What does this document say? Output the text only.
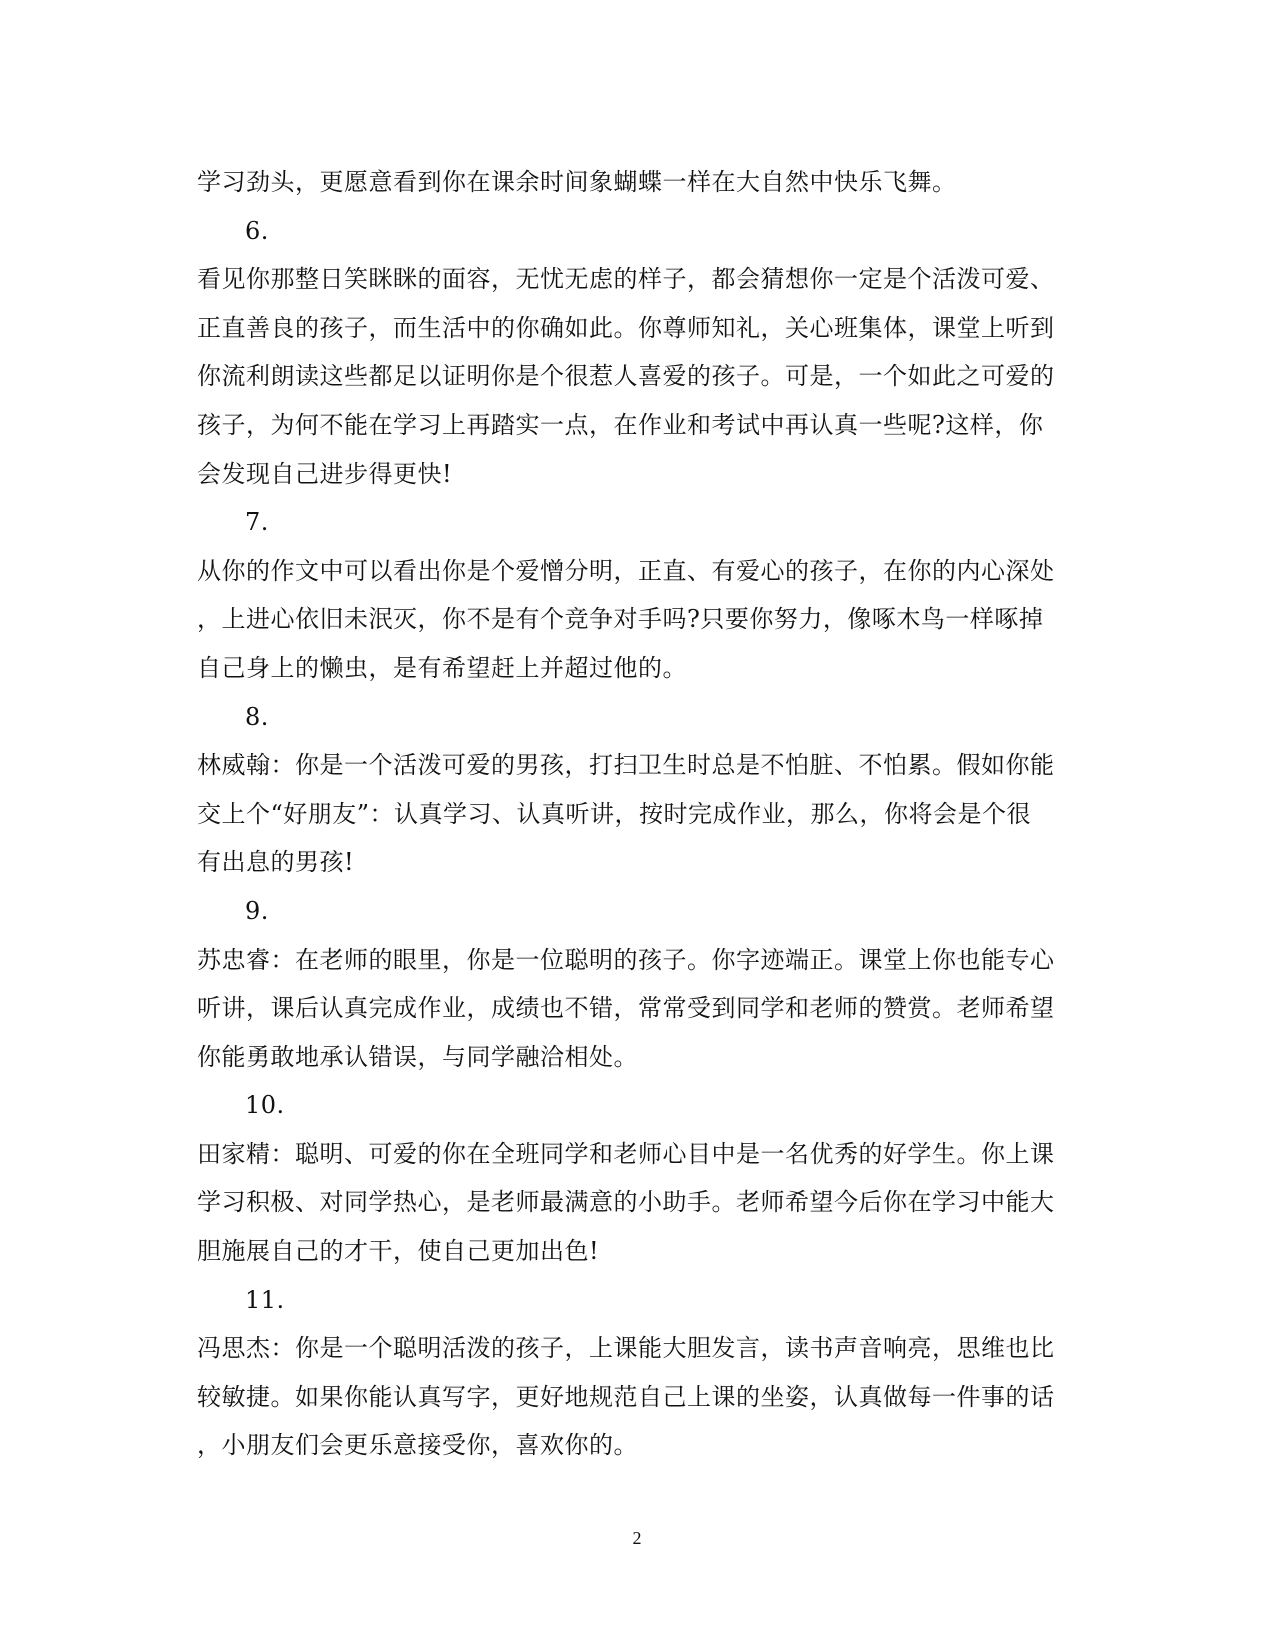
学习劲头，更愿意看到你在课余时间象蝴蝶一样在大自然中快乐飞舞。
6.
看见你那整日笑眯眯的面容，无忧无虑的样子，都会猜想你一定是个活泼可爱、
正直善良的孩子，而生活中的你确如此。你尊师知礼，关心班集体，课堂上听到
你流利朗读这些都足以证明你是个很惹人喜爱的孩子。可是，一个如此之可爱的
孩子，为何不能在学习上再踏实一点，在作业和考试中再认真一些呢?这样，你
会发现自己进步得更快!
7.
从你的作文中可以看出你是个爱憎分明，正直、有爱心的孩子，在你的内心深处
，上进心依旧未泯灭，你不是有个竞争对手吗?只要你努力，像啄木鸟一样啄掉
自己身上的懒虫，是有希望赶上并超过他的。
8.
林威翰：你是一个活泼可爱的男孩，打扫卫生时总是不怕脏、不怕累。假如你能
交上个“好朋友”：认真学习、认真听讲，按时完成作业，那么，你将会是个很
有出息的男孩!
9.
苏忠睿：在老师的眼里，你是一位聪明的孩子。你字迹端正。课堂上你也能专心
听讲，课后认真完成作业，成绩也不错，常常受到同学和老师的赞赏。老师希望
你能勇敢地承认错误，与同学融洽相处。
10.
田家精：聪明、可爱的你在全班同学和老师心目中是一名优秀的好学生。你上课
学习积极、对同学热心，是老师最满意的小助手。老师希望今后你在学习中能大
胆施展自己的才干，使自己更加出色!
11.
冯思杰：你是一个聪明活泼的孩子，上课能大胆发言，读书声音响亮，思维也比
较敏捷。如果你能认真写字，更好地规范自己上课的坐姿，认真做每一件事的话
，小朋友们会更乐意接受你，喜欢你的。
2
